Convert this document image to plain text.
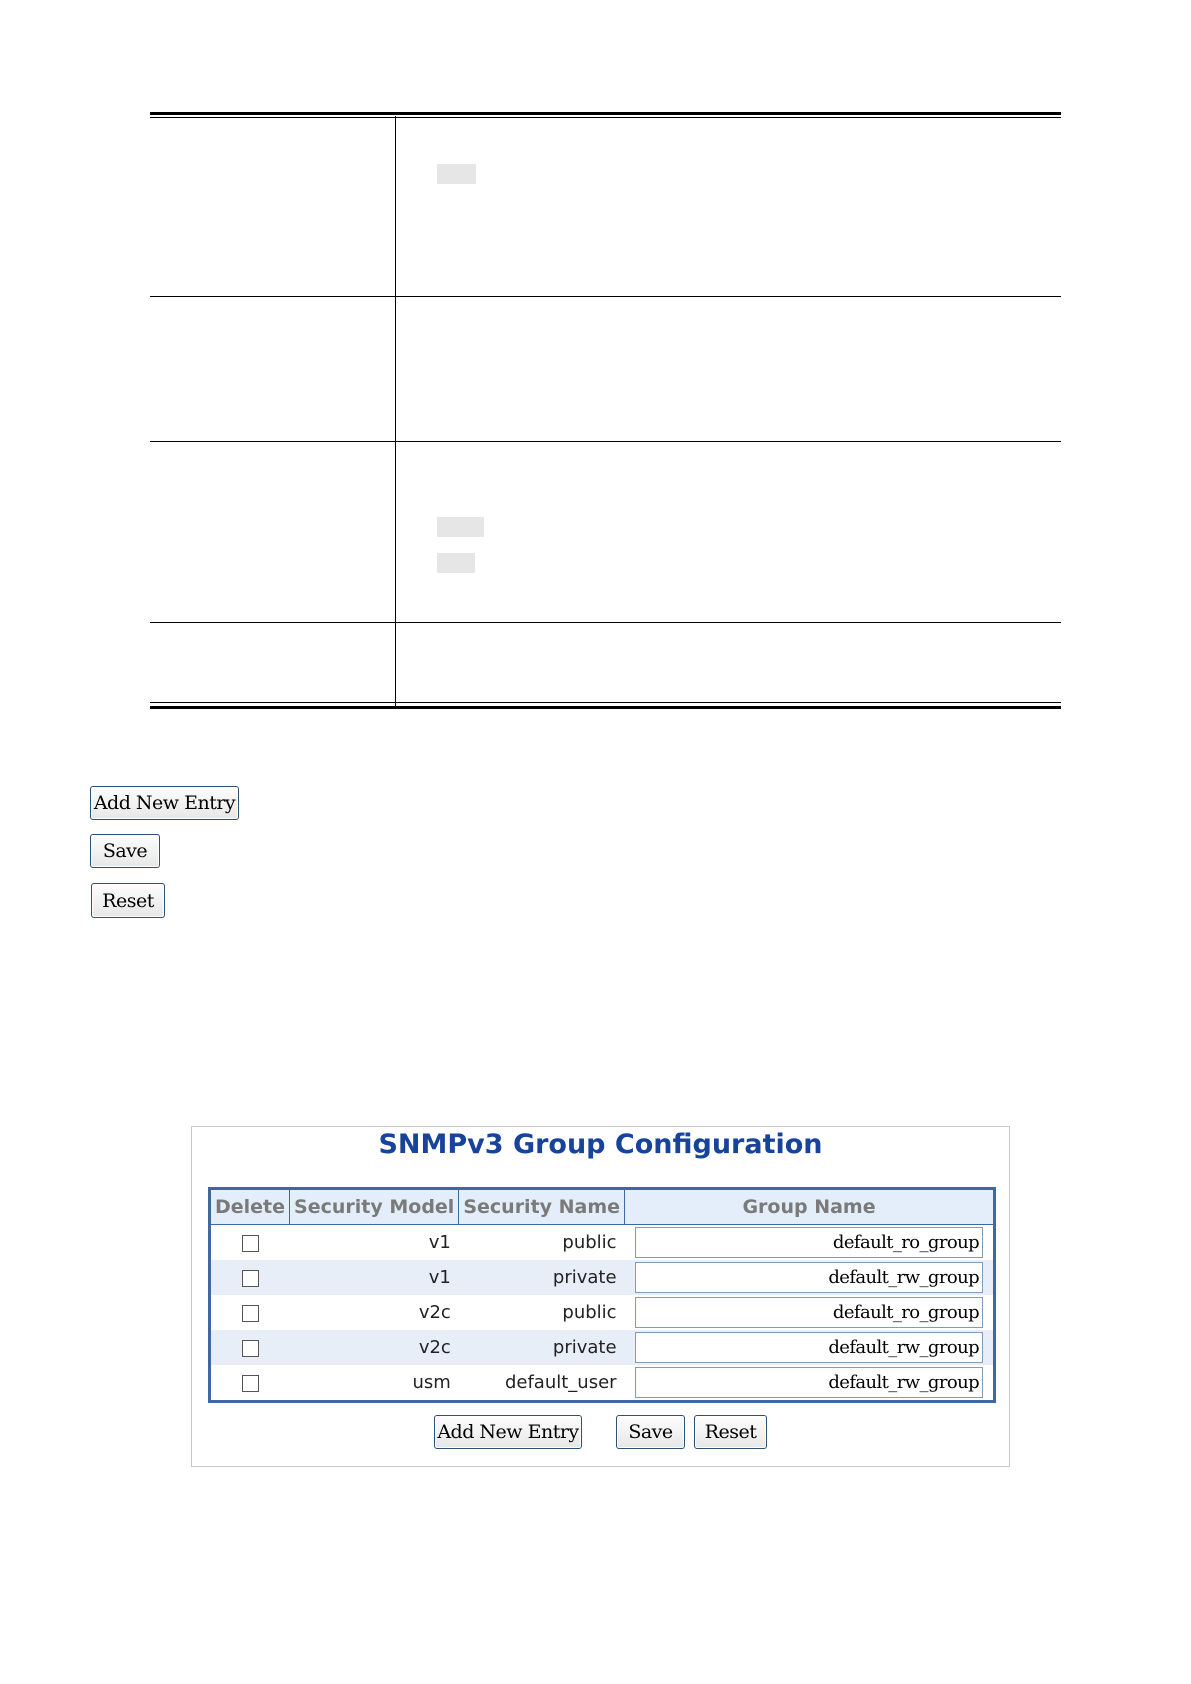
Add New Entry
Save
Reset
SNMPv3 Group Configuration
Delete	Security Model	Security Name	Group Name
	v1	public	default_ro_group

	v1	private	default_rw_group

	v2c	public	default_ro_group

	v2c	private	default_rw_group

	usm	default_user	default_rw_group
Add New Entry	Save	Reset
